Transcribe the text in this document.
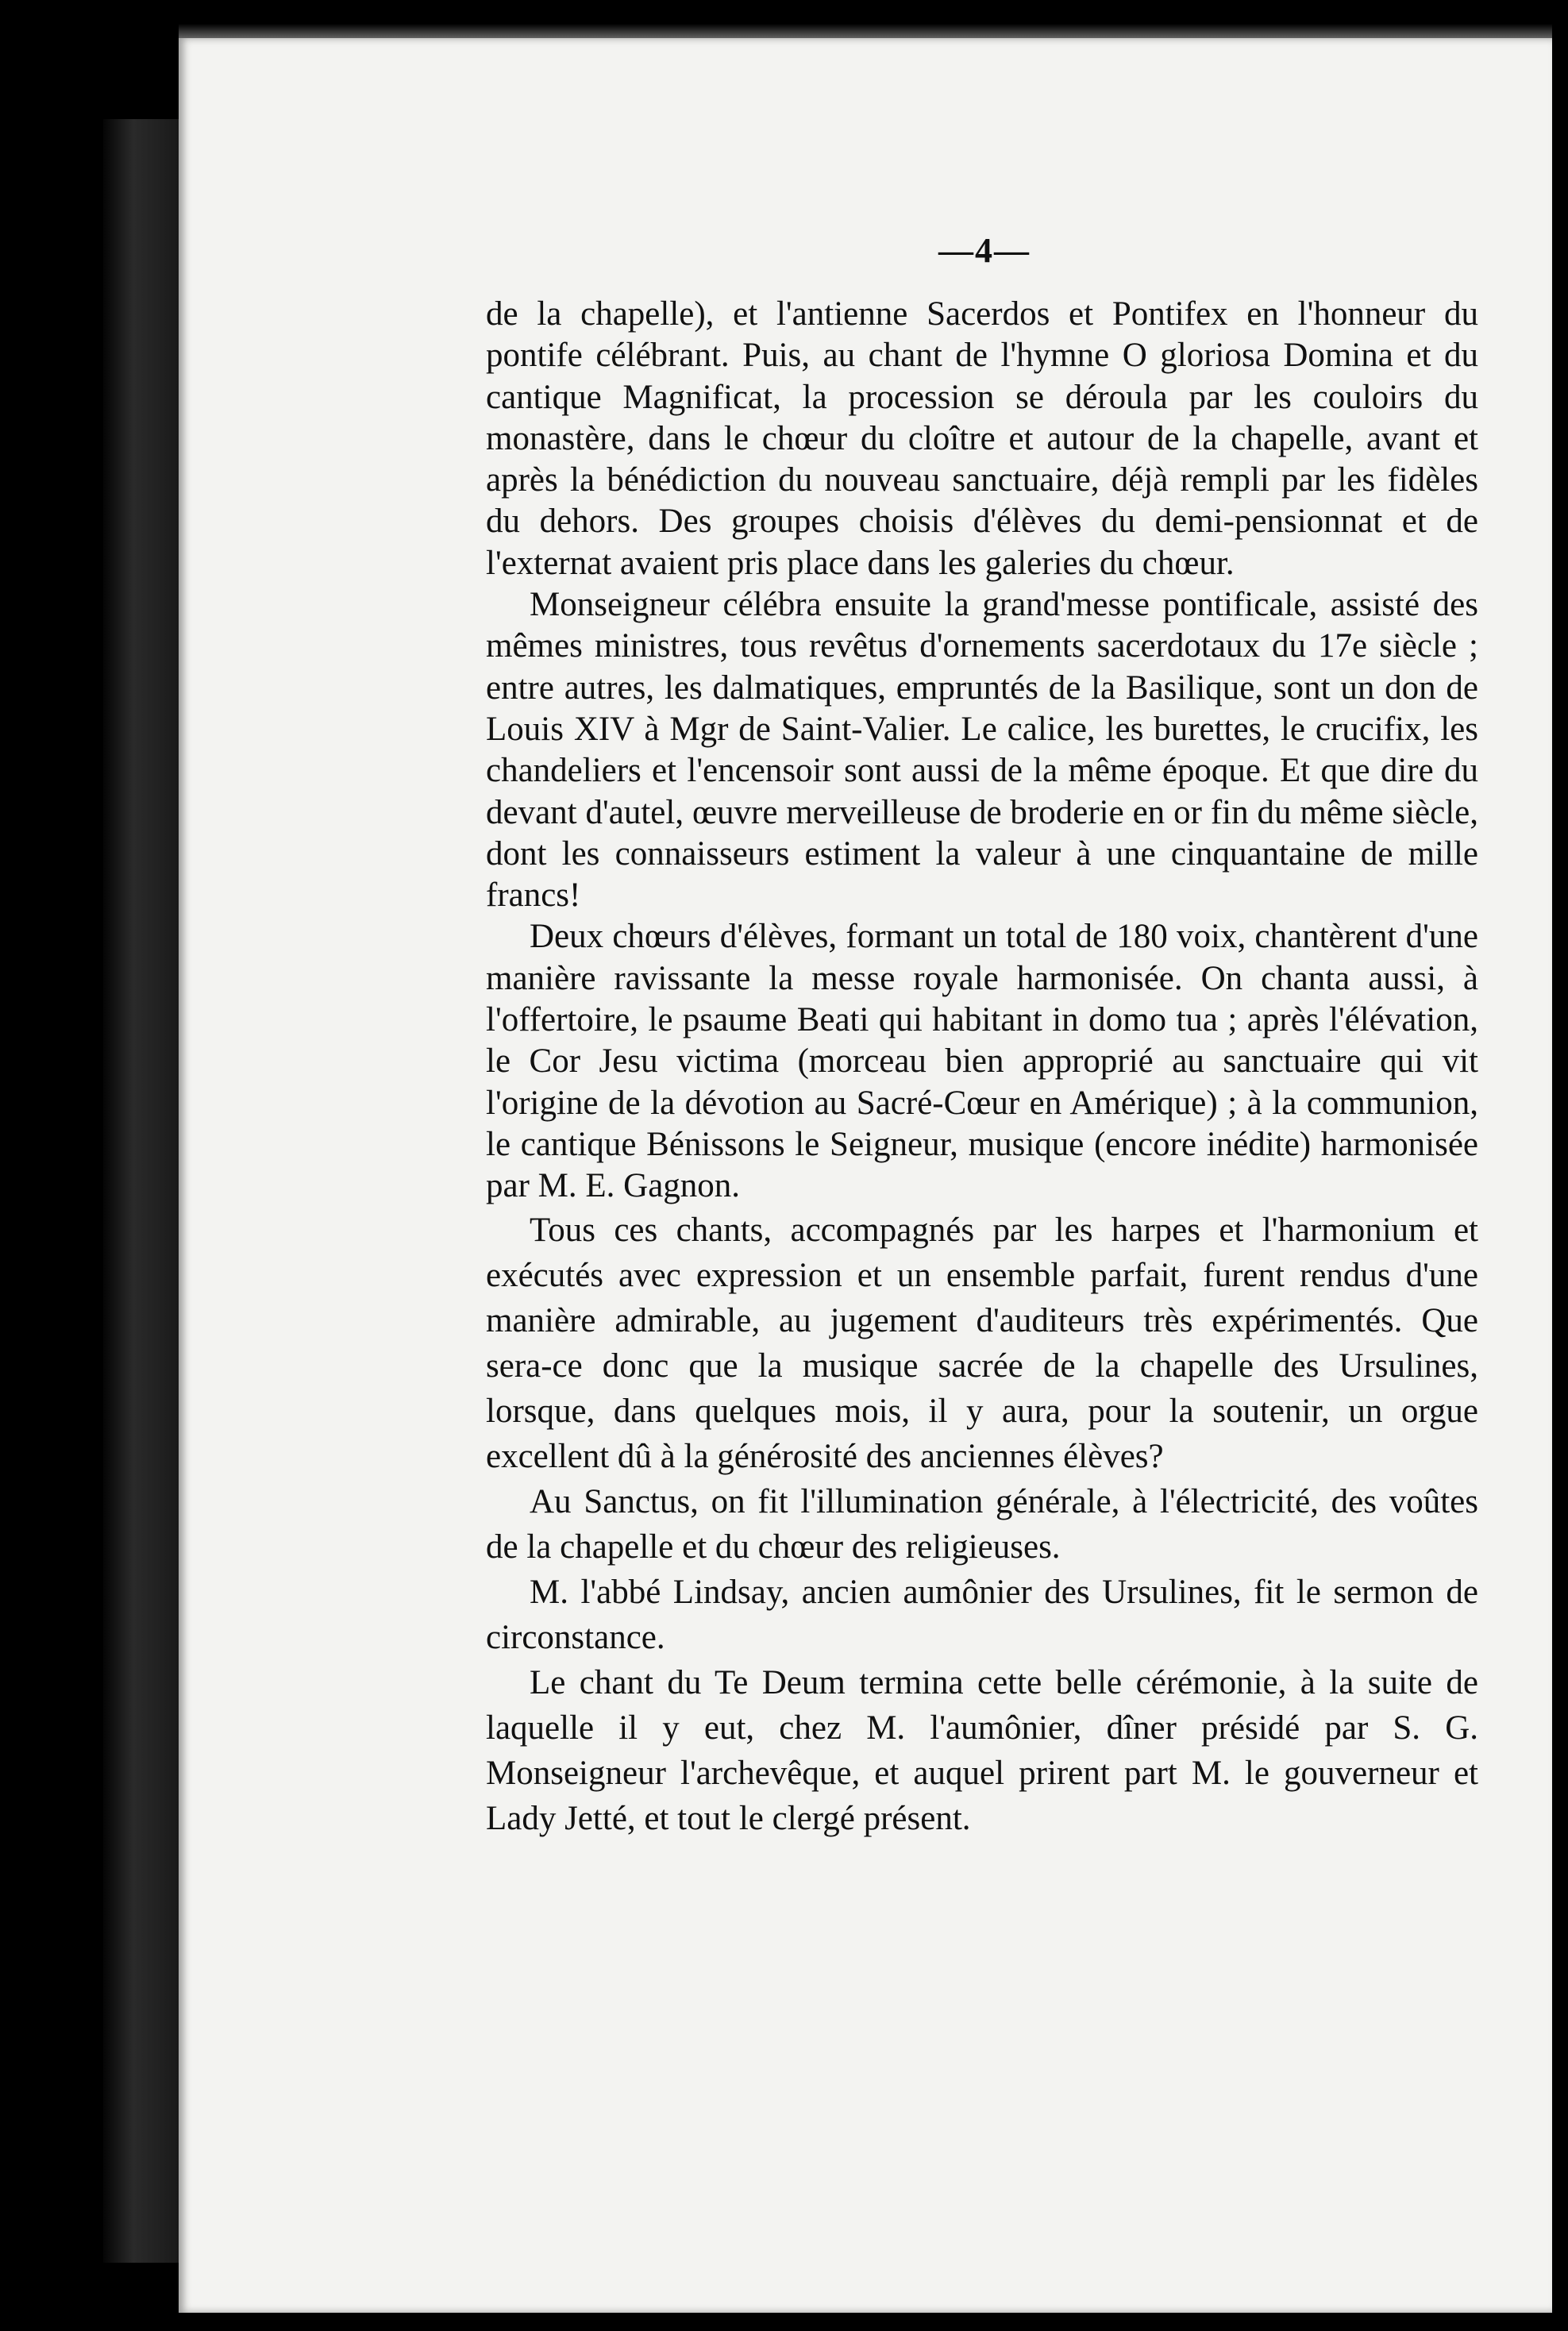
—4—

de la chapelle), et l'antienne Sacerdos et Pontifex en l'honneur du pontife célébrant. Puis, au chant de l'hymne O gloriosa Domina et du cantique Magnificat, la procession se déroula par les couloirs du monastère, dans le chœur du cloître et autour de la chapelle, avant et après la bénédiction du nouveau sanctuaire, déjà rempli par les fidèles du dehors. Des groupes choisis d'élèves du demi-pensionnat et de l'externat avaient pris place dans les galeries du chœur.

Monseigneur célébra ensuite la grand'messe pontificale, assisté des mêmes ministres, tous revêtus d'ornements sacerdotaux du 17e siècle ; entre autres, les dalmatiques, empruntés de la Basilique, sont un don de Louis XIV à Mgr de Saint-Valier. Le calice, les burettes, le crucifix, les chandeliers et l'encensoir sont aussi de la même époque. Et que dire du devant d'autel, œuvre merveilleuse de broderie en or fin du même siècle, dont les connaisseurs estiment la valeur à une cinquantaine de mille francs!

Deux chœurs d'élèves, formant un total de 180 voix, chantèrent d'une manière ravissante la messe royale harmonisée. On chanta aussi, à l'offertoire, le psaume Beati qui habitant in domo tua ; après l'élévation, le Cor Jesu victima (morceau bien approprié au sanctuaire qui vit l'origine de la dévotion au Sacré-Cœur en Amérique) ; à la communion, le cantique Bénissons le Seigneur, musique (encore inédite) harmonisée par M. E. Gagnon.

Tous ces chants, accompagnés par les harpes et l'harmonium et exécutés avec expression et un ensemble parfait, furent rendus d'une manière admirable, au jugement d'auditeurs très expérimentés. Que sera-ce donc que la musique sacrée de la chapelle des Ursulines, lorsque, dans quelques mois, il y aura, pour la soutenir, un orgue excellent dû à la générosité des anciennes élèves?

Au Sanctus, on fit l'illumination générale, à l'électricité, des voûtes de la chapelle et du chœur des religieuses.

M. l'abbé Lindsay, ancien aumônier des Ursulines, fit le sermon de circonstance.

Le chant du Te Deum termina cette belle cérémonie, à la suite de laquelle il y eut, chez M. l'aumônier, dîner présidé par S. G. Monseigneur l'archevêque, et auquel prirent part M. le gouverneur et Lady Jetté, et tout le clergé présent.
